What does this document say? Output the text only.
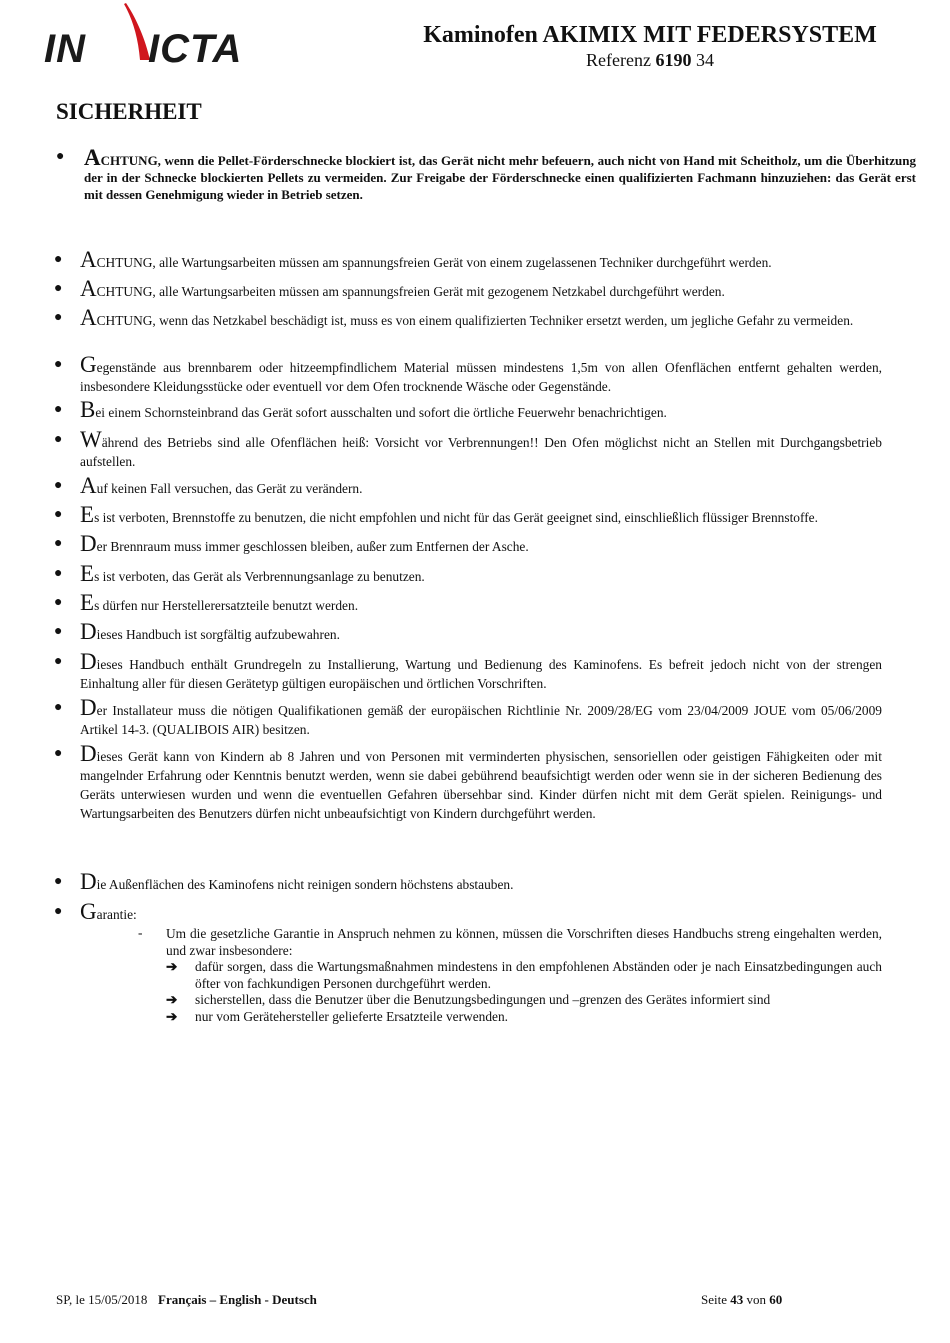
IN ICTA	Kaminofen AKIMIX MIT FEDERSYSTEM
Referenz 6190 34
SICHERHEIT
● ACHTUNG, wenn die Pellet-Förderschnecke blockiert ist, das Gerät nicht mehr befeuern, auch nicht von Hand mit Scheitholz, um die Überhitzung der in der Schnecke blockierten Pellets zu vermeiden. Zur Freigabe der Förderschnecke einen qualifizierten Fachmann hinzuziehen: das Gerät erst mit dessen Genehmigung wieder in Betrieb setzen.
● ACHTUNG, alle Wartungsarbeiten müssen am spannungsfreien Gerät von einem zugelassenen Techniker durchgeführt werden.
● ACHTUNG, alle Wartungsarbeiten müssen am spannungsfreien Gerät mit gezogenem Netzkabel durchgeführt werden.
● ACHTUNG, wenn das Netzkabel beschädigt ist, muss es von einem qualifizierten Techniker ersetzt werden, um jegliche Gefahr zu vermeiden.
● Gegenstände aus brennbarem oder hitzeempfindlichem Material müssen mindestens 1,5m von allen Ofenflächen entfernt gehalten werden, insbesondere Kleidungsstücke oder eventuell vor dem Ofen trocknende Wäsche oder Gegenstände.
● Bei einem Schornsteinbrand das Gerät sofort ausschalten und sofort die örtliche Feuerwehr benachrichtigen.
● Während des Betriebs sind alle Ofenflächen heiß: Vorsicht vor Verbrennungen!! Den Ofen möglichst nicht an Stellen mit Durchgangsbetrieb aufstellen.
● Auf keinen Fall versuchen, das Gerät zu verändern.
● Es ist verboten, Brennstoffe zu benutzen, die nicht empfohlen und nicht für das Gerät geeignet sind, einschließlich flüssiger Brennstoffe.
● Der Brennraum muss immer geschlossen bleiben, außer zum Entfernen der Asche.
● Es ist verboten, das Gerät als Verbrennungsanlage zu benutzen.
● Es dürfen nur Herstellerersatzteile benutzt werden.
● Dieses Handbuch ist sorgfältig aufzubewahren.
● Dieses Handbuch enthält Grundregeln zu Installierung, Wartung und Bedienung des Kaminofens. Es befreit jedoch nicht von der strengen Einhaltung aller für diesen Gerätetyp gültigen europäischen und örtlichen Vorschriften.
● Der Installateur muss die nötigen Qualifikationen gemäß der europäischen Richtlinie Nr. 2009/28/EG vom 23/04/2009 JOUE vom 05/06/2009 Artikel 14-3. (QUALIBOIS AIR) besitzen.
● Dieses Gerät kann von Kindern ab 8 Jahren und von Personen mit verminderten physischen, sensoriellen oder geistigen Fähigkeiten oder mit mangelnder Erfahrung oder Kenntnis benutzt werden, wenn sie dabei gebührend beaufsichtigt werden oder wenn sie in der sicheren Bedienung des Geräts unterwiesen wurden und wenn die eventuellen Gefahren übersehbar sind. Kinder dürfen nicht mit dem Gerät spielen. Reinigungs- und Wartungsarbeiten des Benutzers dürfen nicht unbeaufsichtigt von Kindern durchgeführt werden.
● Die Außenflächen des Kaminofens nicht reinigen sondern höchstens abstauben.
● Garantie:
- Um die gesetzliche Garantie in Anspruch nehmen zu können, müssen die Vorschriften dieses Handbuchs streng eingehalten werden, und zwar insbesondere:
➔ dafür sorgen, dass die Wartungsmaßnahmen mindestens in den empfohlenen Abständen oder je nach Einsatzbedingungen auch öfter von fachkundigen Personen durchgeführt werden.
➔ sicherstellen, dass die Benutzer über die Benutzungsbedingungen und –grenzen des Gerätes informiert sind
➔ nur vom Gerätehersteller gelieferte Ersatzteile verwenden.
SP, le 15/05/2018 Français – English - Deutsch	Seite 43 von 60
